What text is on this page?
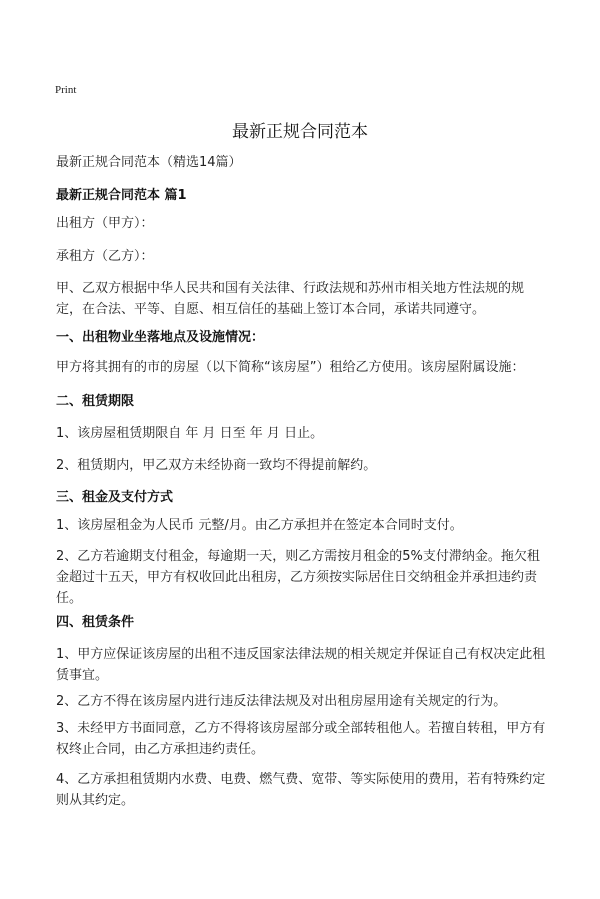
Print
最新正规合同范本
最新正规合同范本（精选14篇）
最新正规合同范本 篇1
出租方（甲方）：
承租方（乙方）：
甲、乙双方根据中华人民共和国有关法律、行政法规和苏州市相关地方性法规的规定，在合法、平等、自愿、相互信任的基础上签订本合同，承诺共同遵守。
一、出租物业坐落地点及设施情况：
甲方将其拥有的市的房屋（以下简称“该房屋”）租给乙方使用。该房屋附属设施：
二、租赁期限
1、该房屋租赁期限自 年 月 日至 年 月 日止。
2、租赁期内，甲乙双方未经协商一致均不得提前解约。
三、租金及支付方式
1、该房屋租金为人民币 元整/月。由乙方承担并在签定本合同时支付。
2、乙方若逾期支付租金，每逾期一天，则乙方需按月租金的5%支付滞纳金。拖欠租金超过十五天，甲方有权收回此出租房，乙方须按实际居住日交纳租金并承担违约责任。
四、租赁条件
1、甲方应保证该房屋的出租不违反国家法律法规的相关规定并保证自己有权决定此租赁事宜。
2、乙方不得在该房屋内进行违反法律法规及对出租房屋用途有关规定的行为。
3、未经甲方书面同意，乙方不得将该房屋部分或全部转租他人。若擅自转租，甲方有权终止合同，由乙方承担违约责任。
4、乙方承担租赁期内水费、电费、燃气费、宽带、等实际使用的费用，若有特殊约定则从其约定。
